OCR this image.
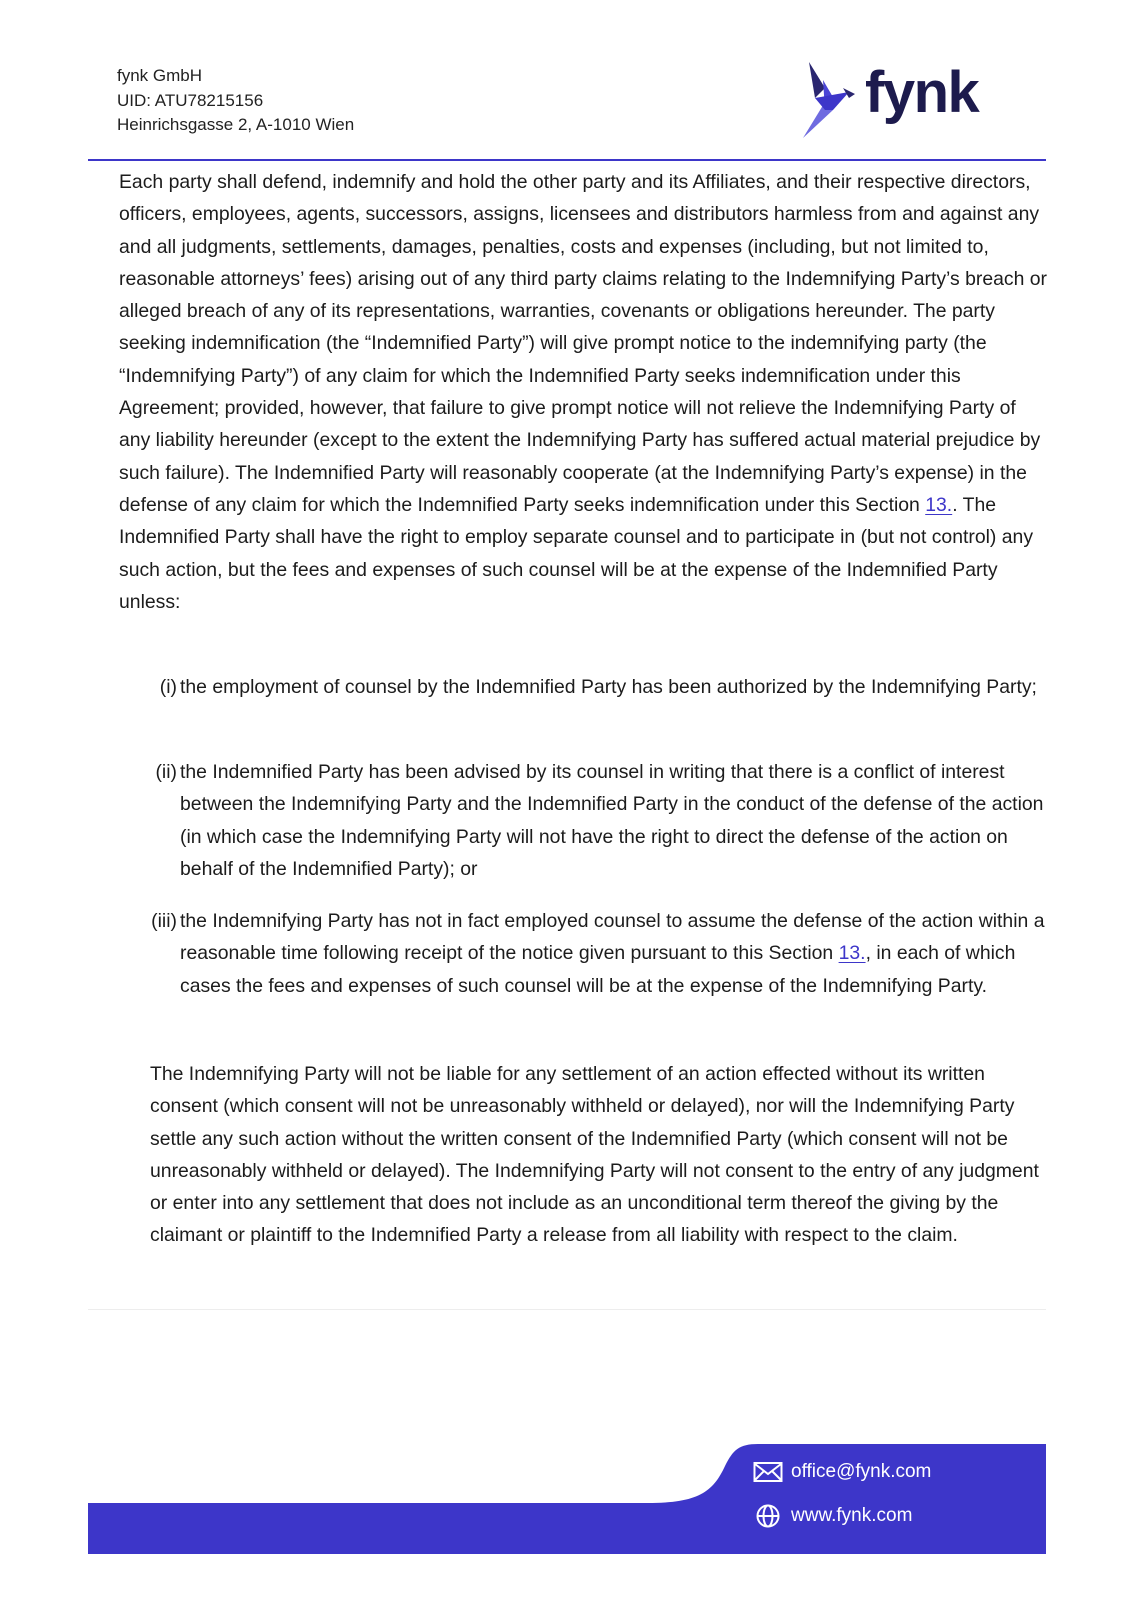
fynk GmbH
UID: ATU78215156
Heinrichsgasse 2, A-1010 Wien	fynk

Each party shall defend, indemnify and hold the other party and its Affiliates, and their respective directors, officers, employees, agents, successors, assigns, licensees and distributors harmless from and against any and all judgments, settlements, damages, penalties, costs and expenses (including, but not limited to, reasonable attorneys’ fees) arising out of any third party claims relating to the Indemnifying Party’s breach or alleged breach of any of its representations, warranties, covenants or obligations hereunder. The party seeking indemnification (the “Indemnified Party”) will give prompt notice to the indemnifying party (the “Indemnifying Party”) of any claim for which the Indemnified Party seeks indemnification under this Agreement; provided, however, that failure to give prompt notice will not relieve the Indemnifying Party of any liability hereunder (except to the extent the Indemnifying Party has suffered actual material prejudice by such failure). The Indemnified Party will reasonably cooperate (at the Indemnifying Party’s expense) in the defense of any claim for which the Indemnified Party seeks indemnification under this Section 13.. The Indemnified Party shall have the right to employ separate counsel and to participate in (but not control) any such action, but the fees and expenses of such counsel will be at the expense of the Indemnified Party unless:

(i) the employment of counsel by the Indemnified Party has been authorized by the Indemnifying Party;
(ii) the Indemnified Party has been advised by its counsel in writing that there is a conflict of interest between the Indemnifying Party and the Indemnified Party in the conduct of the defense of the action (in which case the Indemnifying Party will not have the right to direct the defense of the action on behalf of the Indemnified Party); or
(iii) the Indemnifying Party has not in fact employed counsel to assume the defense of the action within a reasonable time following receipt of the notice given pursuant to this Section 13., in each of which cases the fees and expenses of such counsel will be at the expense of the Indemnifying Party.

The Indemnifying Party will not be liable for any settlement of an action effected without its written consent (which consent will not be unreasonably withheld or delayed), nor will the Indemnifying Party settle any such action without the written consent of the Indemnified Party (which consent will not be unreasonably withheld or delayed). The Indemnifying Party will not consent to the entry of any judgment or enter into any settlement that does not include as an unconditional term thereof the giving by the claimant or plaintiff to the Indemnified Party a release from all liability with respect to the claim.

office@fynk.com
www.fynk.com
